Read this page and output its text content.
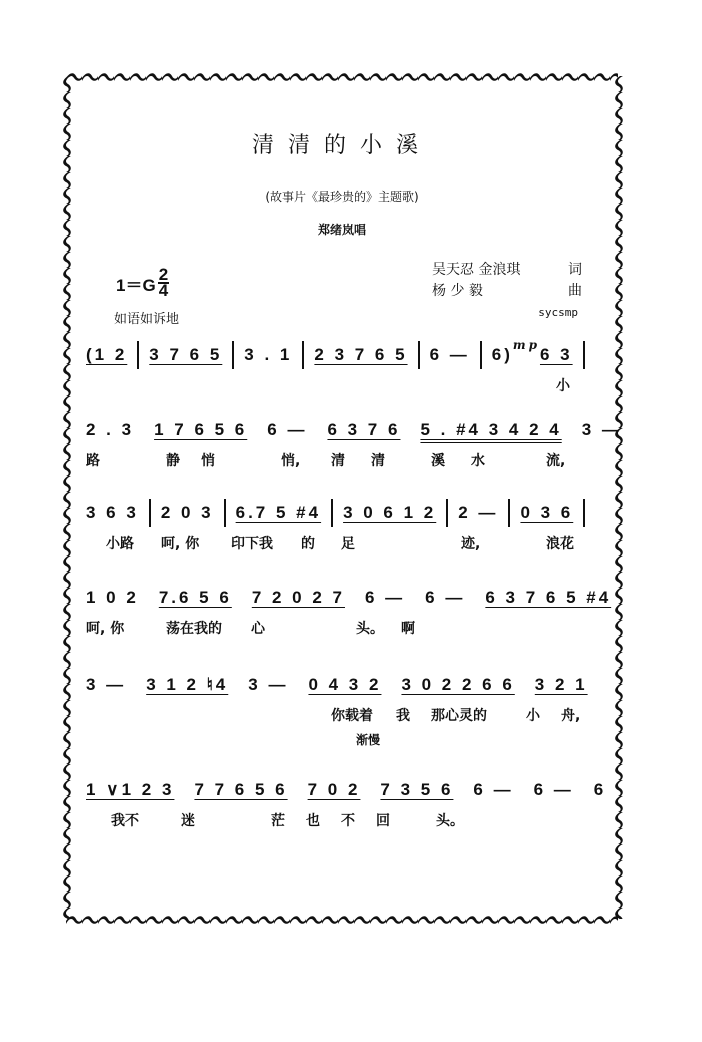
清清的小溪
(故事片《最珍贵的》主题歌)
郑绪岚唱
$1=G \frac{2}{4}$
如语如诉地
吴天忍 金浪琪	词
杨 少 毅	曲
sycsmp
(1 2 3 7 6 5 3 . 1 2 3 7 6 5 6 — 6) mp 6 3
小
2 . 3 1 7 6 5 6 6 — 6 3 7 6 5 . #4 3 4 2 4 3 —
路	静 悄	悄, 清 清	溪 水	流,
3 6 3 2 0 3 6.7 5 #4 3 0 6 1 2 2 — 0 3 6
小路 呵, 你 印下我 的 足	迹,	浪花
1 0 2 7.6 5 6 7 2 0 2 7 6 — 6 — 6 3 7 6 5 #4
呵, 你	荡在我的 心	头。 啊
3 — 3 1 2 ♮4 3 — 0 4 3 2 3 0 2 2 6 6 3 2 1
你载着 我 那心灵的	小 舟,
渐慢
1 ∨1 2 3 7 7 6 5 6 7 0 2 7 3 5 6 6 — 6 — 6
我不	迷	茫 也 不 回	头。
